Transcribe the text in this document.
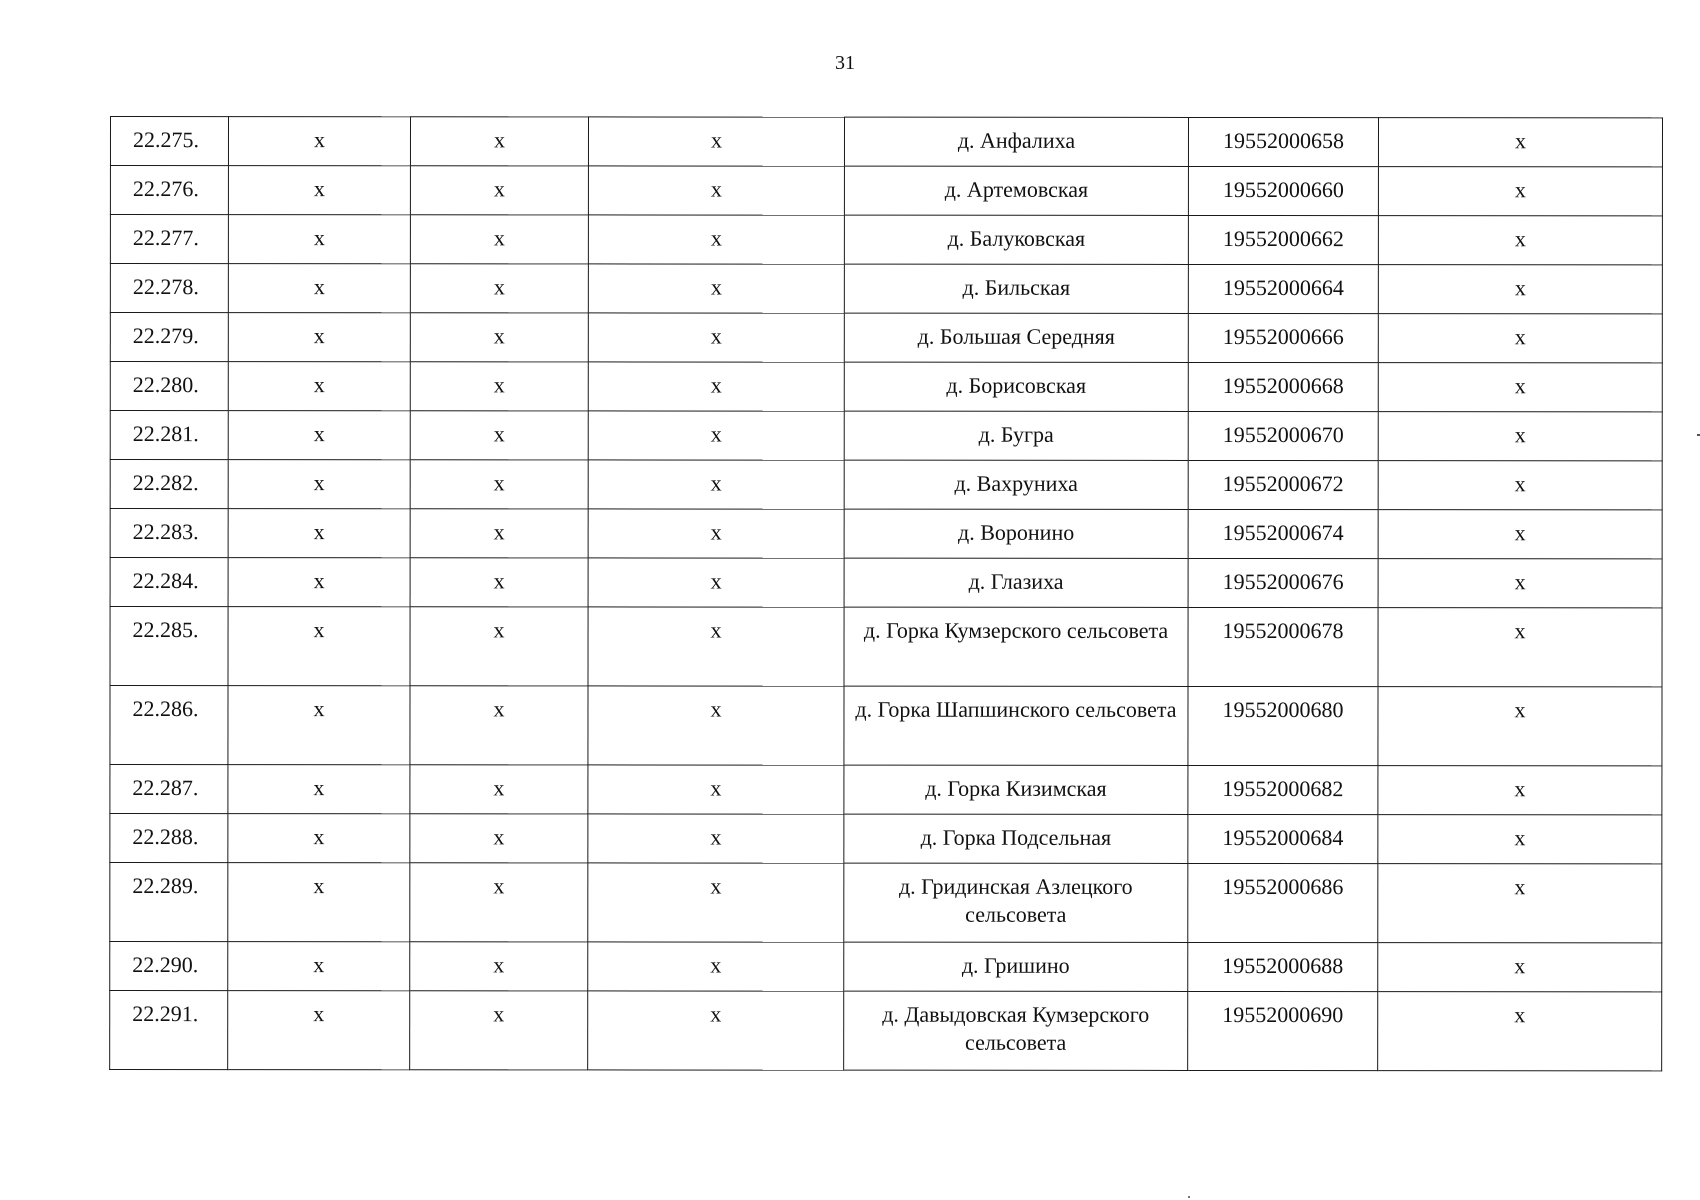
31
22.275.	х	х	х	д. Анфалиха	19552000658	х
22.276.	х	х	х	д. Артемовская	19552000660	х
22.277.	х	х	х	д. Балуковская	19552000662	х
22.278.	х	х	х	д. Бильская	19552000664	х
22.279.	х	х	х	д. Большая Середняя	19552000666	х
22.280.	х	х	х	д. Борисовская	19552000668	х
22.281.	х	х	х	д. Бугра	19552000670	х
22.282.	х	х	х	д. Вахруниха	19552000672	х
22.283.	х	х	х	д. Воронино	19552000674	х
22.284.	х	х	х	д. Глазиха	19552000676	х
22.285.	х	х	х	д. Горка Кумзерского сельсовета	19552000678	х
22.286.	х	х	х	д. Горка Шапшинского сельсовета	19552000680	х
22.287.	х	х	х	д. Горка Кизимская	19552000682	х
22.288.	х	х	х	д. Горка Подсельная	19552000684	х
22.289.	х	х	х	д. Гридинская Азлецкого сельсовета	19552000686	х
22.290.	х	х	х	д. Гришино	19552000688	х
22.291.	х	х	х	д. Давыдовская Кумзерского сельсовета	19552000690	х
